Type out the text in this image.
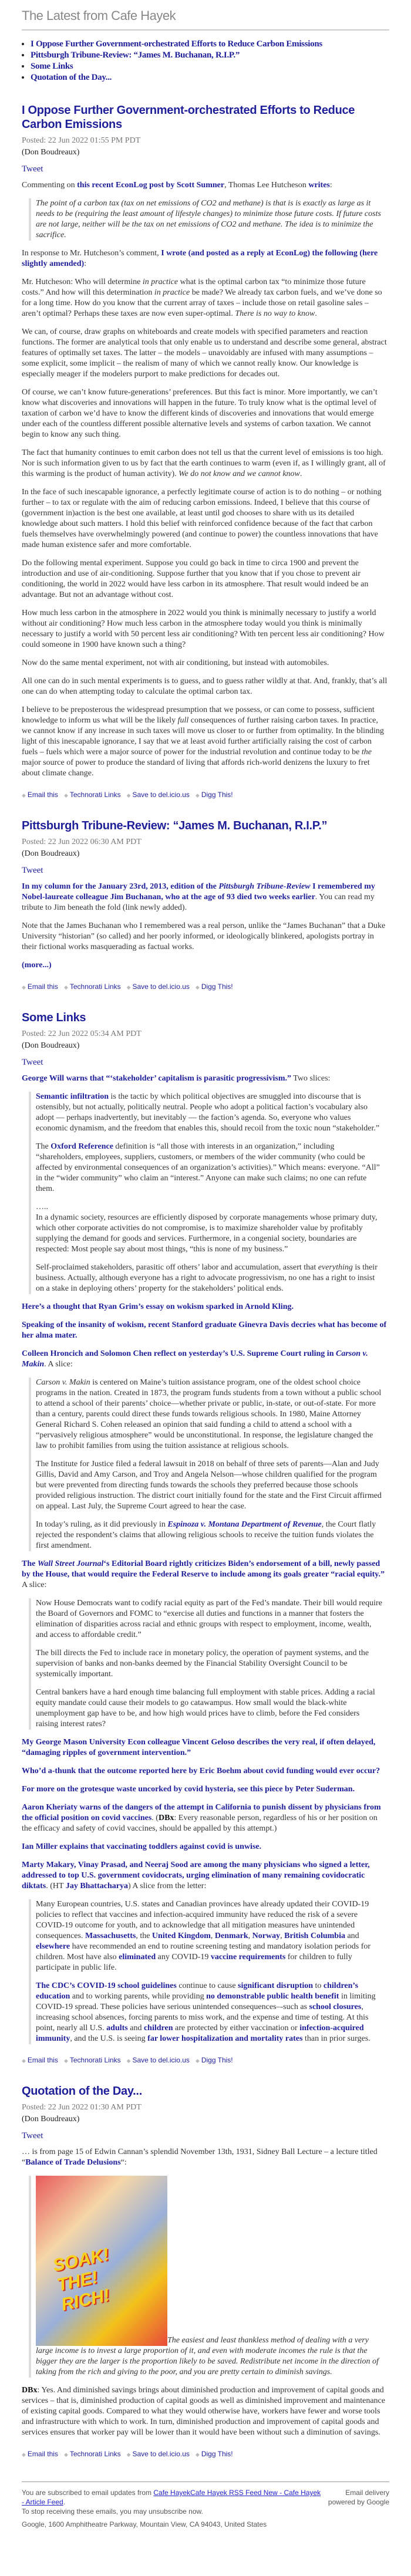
The Latest from Cafe Hayek
• I Oppose Further Government-orchestrated Efforts to Reduce Carbon Emissions
• Pittsburgh Tribune-Review: “James M. Buchanan, R.I.P.”
• Some Links
• Quotation of the Day...
I Oppose Further Government-orchestrated Efforts to Reduce Carbon Emissions
Posted: 22 Jun 2022 01:55 PM PDT
(Don Boudreaux)
Tweet

Commenting on this recent EconLog post by Scott Sumner, Thomas Lee Hutcheson writes:

The point of a carbon tax (tax on net emissions of CO2 and methane) is that is is exactly as large as it needs to be (requiring the least amount of lifestyle changes) to minimize those future costs. If future costs are not large, neither will be the tax on net emissions of CO2 and methane. The idea is to minimize the sacrifice.

In response to Mr. Hutcheson’s comment, I wrote (and posted as a reply at EconLog) the following (here slightly amended):

Mr. Hutcheson: Who will determine in practice what is the optimal carbon tax “to minimize those future costs.” And how will this determination in practice be made? We already tax carbon fuels, and we’ve done so for a long time. How do you know that the current array of taxes – include those on retail gasoline sales – aren’t optimal? Perhaps these taxes are now even super-optimal. There is no way to know.

We can, of course, draw graphs on whiteboards and create models with specified parameters and reaction functions. The former are analytical tools that only enable us to understand and describe some general, abstract features of optimally set taxes. The latter – the models – unavoidably are infused with many assumptions – some explicit, some implicit – the realism of many of which we cannot really know. Our knowledge is especially meager if the modelers purport to make predictions for decades out.

Of course, we can’t know future-generations’ preferences. But this fact is minor. More importantly, we can’t know what discoveries and innovations will happen in the future. To truly know what is the optimal level of taxation of carbon we’d have to know the different kinds of discoveries and innovations that would emerge under each of the countless different possible alternative levels and systems of carbon taxation. We cannot begin to know any such thing.

The fact that humanity continues to emit carbon does not tell us that the current level of emissions is too high. Nor is such information given to us by fact that the earth continues to warm (even if, as I willingly grant, all of this warming is the product of human activity). We do not know and we cannot know.

In the face of such inescapable ignorance, a perfectly legitimate course of action is to do nothing – or nothing further – to tax or regulate with the aim of reducing carbon emissions. Indeed, I believe that this course of (government in)action is the best one available, at least until god chooses to share with us its detailed knowledge about such matters. I hold this belief with reinforced confidence because of the fact that carbon fuels themselves have overwhelmingly powered (and continue to power) the countless innovations that have made human existence safer and more comfortable.

Do the following mental experiment. Suppose you could go back in time to circa 1900 and prevent the introduction and use of air-conditioning. Suppose further that you know that if you chose to prevent air conditioning, the world in 2022 would have less carbon in its atmosphere. That result would indeed be an advantage. But not an advantage without cost.

How much less carbon in the atmosphere in 2022 would you think is minimally necessary to justify a world without air conditioning? How much less carbon in the atmosphere today would you think is minimally necessary to justify a world with 50 percent less air conditioning? With ten percent less air conditioning? How could someone in 1900 have known such a thing?

Now do the same mental experiment, not with air conditioning, but instead with automobiles.

All one can do in such mental experiments is to guess, and to guess rather wildly at that. And, frankly, that’s all one can do when attempting today to calculate the optimal carbon tax.

I believe to be preposterous the widespread presumption that we possess, or can come to possess, sufficient knowledge to inform us what will be the likely full consequences of further raising carbon taxes. In practice, we cannot know if any increase in such taxes will move us closer to or further from optimality. In the blinding light of this inescapable ignorance, I say that we at least avoid further artificially raising the cost of carbon fuels – fuels which were a major source of power for the industrial revolution and continue today to be the major source of power to produce the standard of living that affords rich-world denizens the luxury to fret about climate change.

◆ Email this ◆ Technorati Links ◆ Save to del.icio.us ◆ Digg This!
Pittsburgh Tribune-Review: “James M. Buchanan, R.I.P.”
Posted: 22 Jun 2022 06:30 AM PDT
(Don Boudreaux)
Tweet

In my column for the January 23rd, 2013, edition of the Pittsburgh Tribune-Review I remembered my Nobel-laureate colleague Jim Buchanan, who at the age of 93 died two weeks earlier. You can read my tribute to Jim beneath the fold (link newly added).

Note that the James Buchanan who I remembered was a real person, unlike the “James Buchanan” that a Duke University “historian” (so called) and her poorly informed, or ideologically blinkered, apologists portray in their fictional works masquerading as factual works.

(more...)

◆ Email this ◆ Technorati Links ◆ Save to del.icio.us ◆ Digg This!
Some Links
Posted: 22 Jun 2022 05:34 AM PDT
(Don Boudreaux)
Tweet

George Will warns that “‘stakeholder’ capitalism is parasitic progressivism.” Two slices:

Semantic infiltration is the tactic by which political objectives are smuggled into discourse that is ostensibly, but not actually, politically neutral. People who adopt a political faction’s vocabulary also adopt — perhaps inadvertently, but inevitably — the faction’s agenda. So, everyone who values economic dynamism, and the freedom that enables this, should recoil from the toxic noun “stakeholder.”

The Oxford Reference definition is “all those with interests in an organization,” including “shareholders, employees, suppliers, customers, or members of the wider community (who could be affected by environmental consequences of an organization’s activities).” Which means: everyone. “All” in the “wider community” who claim an “interest.” Anyone can make such claims; no one can refute them.

…..
In a dynamic society, resources are efficiently disposed by corporate managements whose primary duty, which other corporate activities do not compromise, is to maximize shareholder value by profitably supplying the demand for goods and services. Furthermore, in a congenial society, boundaries are respected: Most people say about most things, “this is none of my business.”

Self-proclaimed stakeholders, parasitic off others’ labor and accumulation, assert that everything is their business. Actually, although everyone has a right to advocate progressivism, no one has a right to insist on a stake in deploying others’ property for the stakeholders’ political ends.

Here’s a thought that Ryan Grim’s essay on wokism sparked in Arnold Kling.

Speaking of the insanity of wokism, recent Stanford graduate Ginevra Davis decries what has become of her alma mater.

Colleen Hroncich and Solomon Chen reflect on yesterday’s U.S. Supreme Court ruling in Carson v. Makin. A slice:

Carson v. Makin is centered on Maine’s tuition assistance program, one of the oldest school choice programs in the nation. Created in 1873, the program funds students from a town without a public school to attend a school of their parents’ choice—whether private or public, in-state, or out-of-state. For more than a century, parents could direct these funds towards religious schools. In 1980, Maine Attorney General Richard S. Cohen released an opinion that said funding a child to attend a school with a “pervasively religious atmosphere” would be unconstitutional. In response, the legislature changed the law to prohibit families from using the tuition assistance at religious schools.

The Institute for Justice filed a federal lawsuit in 2018 on behalf of three sets of parents—Alan and Judy Gillis, David and Amy Carson, and Troy and Angela Nelson—whose children qualified for the program but were prevented from directing funds towards the schools they preferred because those schools provided religious instruction. The district court initially found for the state and the First Circuit affirmed on appeal. Last July, the Supreme Court agreed to hear the case.

In today’s ruling, as it did previously in Espinoza v. Montana Department of Revenue, the Court flatly rejected the respondent’s claims that allowing religious schools to receive the tuition funds violates the first amendment.

The Wall Street Journal‘s Editorial Board rightly criticizes Biden’s endorsement of a bill, newly passed by the House, that would require the Federal Reserve to include among its goals greater “racial equity.” A slice:

Now House Democrats want to codify racial equity as part of the Fed’s mandate. Their bill would require the Board of Governors and FOMC to “exercise all duties and functions in a manner that fosters the elimination of disparities across racial and ethnic groups with respect to employment, income, wealth, and access to affordable credit.”

The bill directs the Fed to include race in monetary policy, the operation of payment systems, and the supervision of banks and non-banks deemed by the Financial Stability Oversight Council to be systemically important.

Central bankers have a hard enough time balancing full employment with stable prices. Adding a racial equity mandate could cause their models to go catawampus. How small would the black-white unemployment gap have to be, and how high would prices have to climb, before the Fed considers raising interest rates?

My George Mason University Econ colleague Vincent Geloso describes the very real, if often delayed, “damaging ripples of government intervention.”

Who’d a-thunk that the outcome reported here by Eric Boehm about covid funding would ever occur?

For more on the grotesque waste uncorked by covid hysteria, see this piece by Peter Suderman.

Aaron Kheriaty warns of the dangers of the attempt in California to punish dissent by physicians from the official position on covid vaccines. (DBx: Every reasonable person, regardless of his or her position on the efficacy and safety of covid vaccines, should be appalled by this attempt.)

Ian Miller explains that vaccinating toddlers against covid is unwise.

Marty Makary, Vinay Prasad, and Neeraj Sood are among the many physicians who signed a letter, addressed to top U.S. government covidocrats, urging elimination of many remaining covidocratic diktats. (HT Jay Bhattacharya) A slice from the letter:

Many European countries, U.S. states and Canadian provinces have already updated their COVID-19 policies to reflect that vaccines and infection-acquired immunity have reduced the risk of a severe COVID-19 outcome for youth, and to acknowledge that all mitigation measures have unintended consequences. Massachusetts, the United Kingdom, Denmark, Norway, British Columbia and elsewhere have recommended an end to routine screening testing and mandatory isolation periods for children. Most have also eliminated any COVID-19 vaccine requirements for children to fully participate in public life.

The CDC’s COVID-19 school guidelines continue to cause significant disruption to children’s education and to working parents, while providing no demonstrable public health benefit in limiting COVID-19 spread. These policies have serious unintended consequences–-such as school closures, increasing school absences, forcing parents to miss work, and the expense and time of testing. At this point, nearly all U.S. adults and children are protected by either vaccination or infection-acquired immunity, and the U.S. is seeing far lower hospitalization and mortality rates than in prior surges.

◆ Email this ◆ Technorati Links ◆ Save to del.icio.us ◆ Digg This!
Quotation of the Day...
Posted: 22 Jun 2022 01:30 AM PDT
(Don Boudreaux)
Tweet

… is from page 15 of Edwin Cannan’s splendid November 13th, 1931, Sidney Ball Lecture – a lecture titled “Balance of Trade Delusions“:

SOAK! THE! RICH!
The easiest and least thankless method of dealing with a very large income is to invest a large proportion of it, and even with moderate incomes the rule is that the bigger they are the larger is the proportion likely to be saved. Redistribute net income in the direction of taking from the rich and giving to the poor, and you are pretty certain to diminish savings.

DBx: Yes. And diminished savings brings about diminished production and improvement of capital goods and services – that is, diminished production of capital goods as well as diminished improvement and maintenance of existing capital goods. Compared to what they would otherwise have, workers have fewer and worse tools and infrastructure with which to work. In turn, diminished production and improvement of capital goods and services ensures that worker pay will be lower than it would have been without such a diminution of savings.

◆ Email this ◆ Technorati Links ◆ Save to del.icio.us ◆ Digg This!
You are subscribed to email updates from Cafe HayekCafe Hayek RSS Feed New - Cafe Hayek - Article Feed.
To stop receiving these emails, you may unsubscribe now.
Email delivery powered by Google
Google, 1600 Amphitheatre Parkway, Mountain View, CA 94043, United States
